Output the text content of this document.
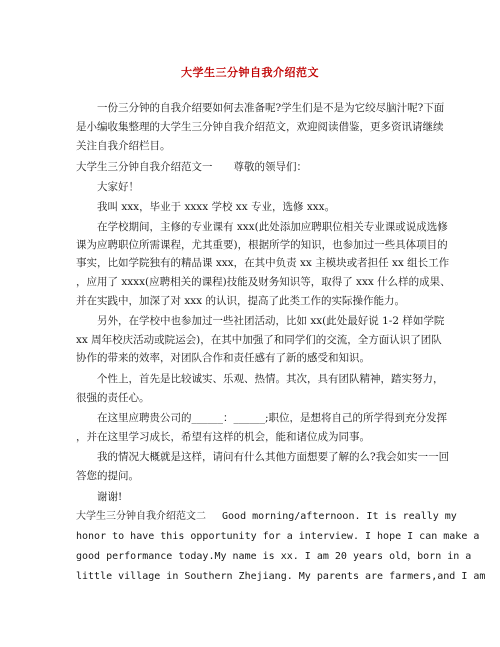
大学生三分钟自我介绍范文
一份三分钟的自我介绍要如何去准备呢?学生们是不是为它绞尽脑汁呢?下面
是小编收集整理的大学生三分钟自我介绍范文，欢迎阅读借鉴，更多资讯请继续
关注自我介绍栏目。
大学生三分钟自我介绍范文一　　尊敬的领导们：
大家好！
我叫 xxx，毕业于 xxxx 学校 xx 专业，选修 xxx。
在学校期间，主修的专业课有 xxx(此处添加应聘职位相关专业课或说成选修
课为应聘职位所需课程，尤其重要)，根据所学的知识，也参加过一些具体项目的
事实，比如学院独有的精品课 xxx，在其中负责 xx 主模块或者担任 xx 组长工作
，应用了 xxxx(应聘相关的课程)技能及财务知识等，取得了 xxx 什么样的成果、
并在实践中，加深了对 xxx 的认识，提高了此类工作的实际操作能力。
另外，在学校中也参加过一些社团活动，比如 xx(此处最好说 1-2 样如学院
xx 周年校庆活动或院运会)，在其中加强了和同学们的交流，全方面认识了团队
协作的带来的效率，对团队合作和责任感有了新的感受和知识。
个性上，首先是比较诚实、乐观、热情。其次，具有团队精神，踏实努力，
很强的责任心。
在这里应聘贵公司的______：______;职位，是想将自己的所学得到充分发挥
，并在这里学习成长，希望有这样的机会，能和诸位成为同事。
我的情况大概就是这样，请问有什么其他方面想要了解的么?我会如实一一回
答您的提问。
谢谢!
大学生三分钟自我介绍范文二　 Good morning/afternoon. It is really my
honor to have this opportunity for a interview. I hope I can make a
good performance today.My name is xx. I am 20 years old，born in a
little village in Southern Zhejiang. My parents are farmers,and I am
